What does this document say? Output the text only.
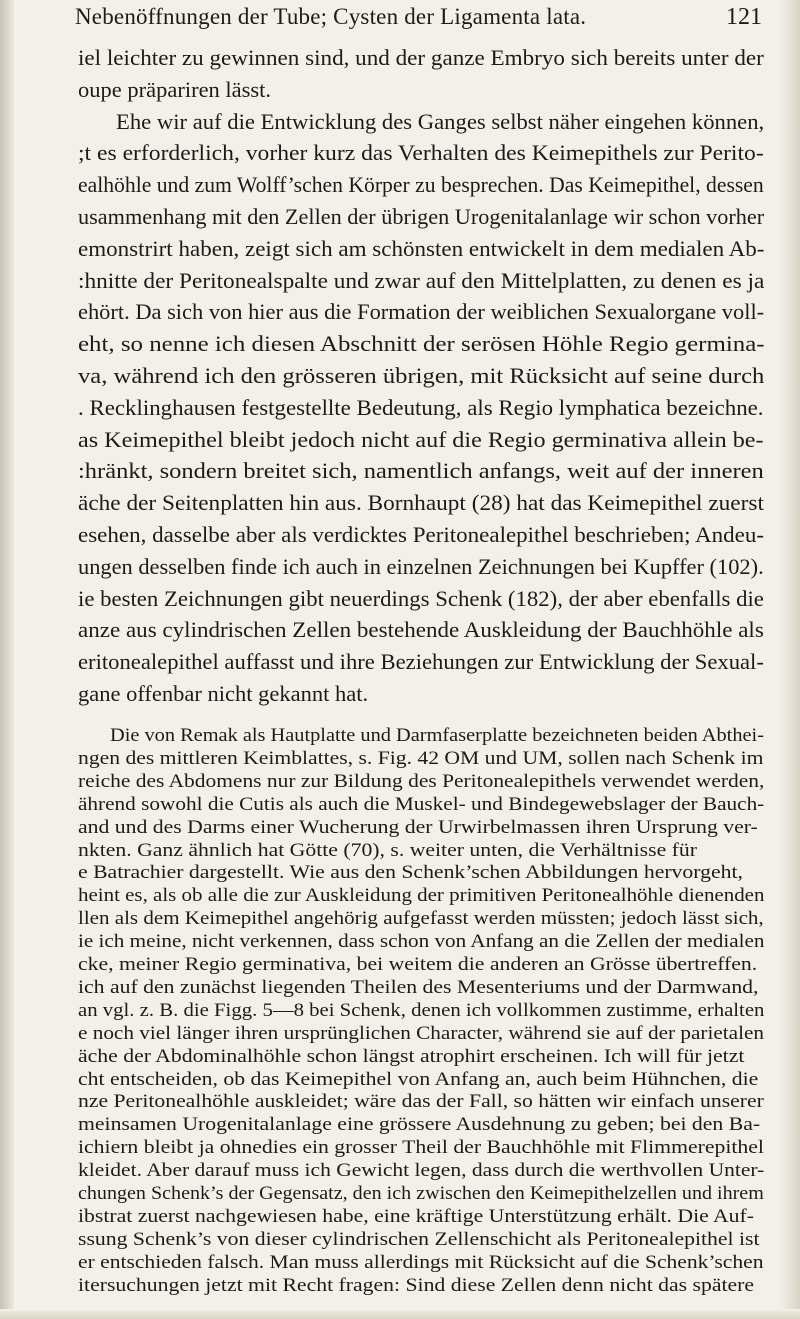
Nebenöffnungen der Tube; Cysten der Ligamenta lata.	121
iel leichter zu gewinnen sind, und der ganze Embryo sich bereits unter der
oupe präpariren lässt.
Ehe wir auf die Entwicklung des Ganges selbst näher eingehen können,
;t es erforderlich, vorher kurz das Verhalten des Keimepithels zur Perito-
ealhöhle und zum Wolff’schen Körper zu besprechen. Das Keimepithel, dessen
usammenhang mit den Zellen der übrigen Urogenitalanlage wir schon vorher
emonstrirt haben, zeigt sich am schönsten entwickelt in dem medialen Ab-
:hnitte der Peritonealspalte und zwar auf den Mittelplatten, zu denen es ja
ehört. Da sich von hier aus die Formation der weiblichen Sexualorgane voll-
eht, so nenne ich diesen Abschnitt der serösen Höhle Regio germina-
va, während ich den grösseren übrigen, mit Rücksicht auf seine durch
. Recklinghausen festgestellte Bedeutung, als Regio lymphatica bezeichne.
as Keimepithel bleibt jedoch nicht auf die Regio germinativa allein be-
:hränkt, sondern breitet sich, namentlich anfangs, weit auf der inneren
äche der Seitenplatten hin aus. Bornhaupt (28) hat das Keimepithel zuerst
esehen, dasselbe aber als verdicktes Peritonealepithel beschrieben; Andeu-
ungen desselben finde ich auch in einzelnen Zeichnungen bei Kupffer (102).
ie besten Zeichnungen gibt neuerdings Schenk (182), der aber ebenfalls die
anze aus cylindrischen Zellen bestehende Auskleidung der Bauchhöhle als
eritonealepithel auffasst und ihre Beziehungen zur Entwicklung der Sexual-
gane offenbar nicht gekannt hat.
Die von Remak als Hautplatte und Darmfaserplatte bezeichneten beiden Abthei-
ngen des mittleren Keimblattes, s. Fig. 42 OM und UM, sollen nach Schenk im
reiche des Abdomens nur zur Bildung des Peritonealepithels verwendet werden,
ährend sowohl die Cutis als auch die Muskel- und Bindegewebslager der Bauch-
and und des Darms einer Wucherung der Urwirbelmassen ihren Ursprung ver-
nkten. Ganz ähnlich hat Götte (70), s. weiter unten, die Verhältnisse für
e Batrachier dargestellt. Wie aus den Schenk’schen Abbildungen hervorgeht,
heint es, als ob alle die zur Auskleidung der primitiven Peritonealhöhle dienenden
llen als dem Keimepithel angehörig aufgefasst werden müssten; jedoch lässt sich,
ie ich meine, nicht verkennen, dass schon von Anfang an die Zellen der medialen
cke, meiner Regio germinativa, bei weitem die anderen an Grösse übertreffen.
ich auf den zunächst liegenden Theilen des Mesenteriums und der Darmwand,
an vgl. z. B. die Figg. 5—8 bei Schenk, denen ich vollkommen zustimme, erhalten
e noch viel länger ihren ursprünglichen Character, während sie auf der parietalen
äche der Abdominalhöhle schon längst atrophirt erscheinen. Ich will für jetzt
cht entscheiden, ob das Keimepithel von Anfang an, auch beim Hühnchen, die
nze Peritonealhöhle auskleidet; wäre das der Fall, so hätten wir einfach unserer
meinsamen Urogenitalanlage eine grössere Ausdehnung zu geben; bei den Ba-
ichiern bleibt ja ohnedies ein grosser Theil der Bauchhöhle mit Flimmerepithel
kleidet. Aber darauf muss ich Gewicht legen, dass durch die werthvollen Unter-
chungen Schenk’s der Gegensatz, den ich zwischen den Keimepithelzellen und ihrem
ibstrat zuerst nachgewiesen habe, eine kräftige Unterstützung erhält. Die Auf-
ssung Schenk’s von dieser cylindrischen Zellenschicht als Peritonealepithel ist
er entschieden falsch. Man muss allerdings mit Rücksicht auf die Schenk’schen
itersuchungen jetzt mit Recht fragen: Sind diese Zellen denn nicht das spätere
